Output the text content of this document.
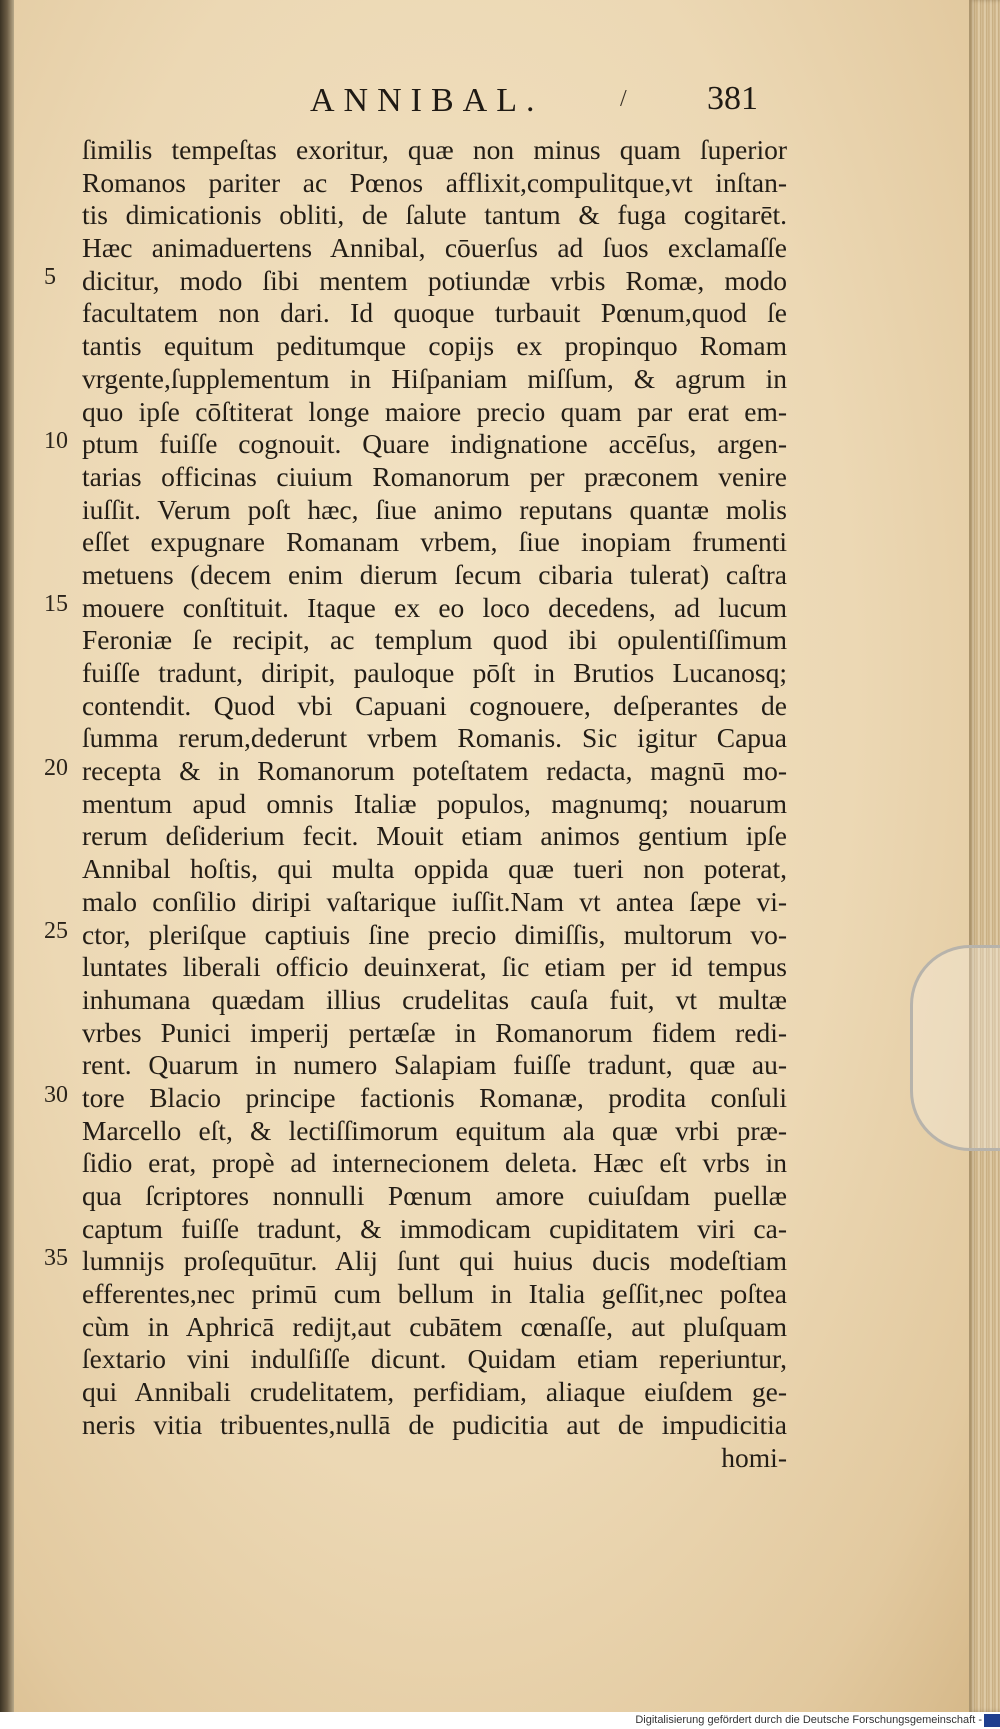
ANNIBAL.	/ 381
5
10
15
20
25
30
35
ſimilis tempeſtas exoritur, quæ non minus quam ſuperior
Romanos pariter ac Pœnos afflixit,compulitque,vt inſtan-
tis dimicationis obliti, de ſalute tantum & fuga cogitarēt.
Hæc animaduertens Annibal, cōuerſus ad ſuos exclamaſſe
dicitur, modo ſibi mentem potiundæ vrbis Romæ, modo
facultatem non dari. Id quoque turbauit Pœnum,quod ſe
tantis equitum peditumque copijs ex propinquo Romam
vrgente,ſupplementum in Hiſpaniam miſſum, & agrum in
quo ipſe cōſtiterat longe maiore precio quam par erat em-
ptum fuiſſe cognouit. Quare indignatione accēſus, argen-
tarias officinas ciuium Romanorum per præconem venire
iuſſit. Verum poſt hæc, ſiue animo reputans quantæ molis
eſſet expugnare Romanam vrbem, ſiue inopiam frumenti
metuens (decem enim dierum ſecum cibaria tulerat) caſtra
mouere conſtituit. Itaque ex eo loco decedens, ad lucum
Feroniæ ſe recipit, ac templum quod ibi opulentiſſimum
fuiſſe tradunt, diripit, pauloque pōſt in Brutios Lucanosq;
contendit. Quod vbi Capuani cognouere, deſperantes de
ſumma rerum,dederunt vrbem Romanis. Sic igitur Capua
recepta & in Romanorum poteſtatem redacta, magnū mo-
mentum apud omnis Italiæ populos, magnumq; nouarum
rerum deſiderium fecit. Mouit etiam animos gentium ipſe
Annibal hoſtis, qui multa oppida quæ tueri non poterat,
malo conſilio diripi vaſtarique iuſſit.Nam vt antea ſæpe vi-
ctor, pleriſque captiuis ſine precio dimiſſis, multorum vo-
luntates liberali officio deuinxerat, ſic etiam per id tempus
inhumana quædam illius crudelitas cauſa fuit, vt multæ
vrbes Punici imperij pertæſæ in Romanorum fidem redi-
rent. Quarum in numero Salapiam fuiſſe tradunt, quæ au-
tore Blacio principe factionis Romanæ, prodita conſuli
Marcello eſt, & lectiſſimorum equitum ala quæ vrbi præ-
ſidio erat, propè ad internecionem deleta. Hæc eſt vrbs in
qua ſcriptores nonnulli Pœnum amore cuiuſdam puellæ
captum fuiſſe tradunt, & immodicam cupiditatem viri ca-
lumnijs proſequūtur. Alij ſunt qui huius ducis modeſtiam
efferentes,nec primū cum bellum in Italia geſſit,nec poſtea
cùm in Aphricā redijt,aut cubātem cœnaſſe, aut pluſquam
ſextario vini indulſiſſe dicunt. Quidam etiam reperiuntur,
qui Annibali crudelitatem, perfidiam, aliaque eiuſdem ge-
neris vitia tribuentes,nullā de pudicitia aut de impudicitia
homi-
Digitalisierung gefördert durch die Deutsche Forschungsgemeinschaft -
